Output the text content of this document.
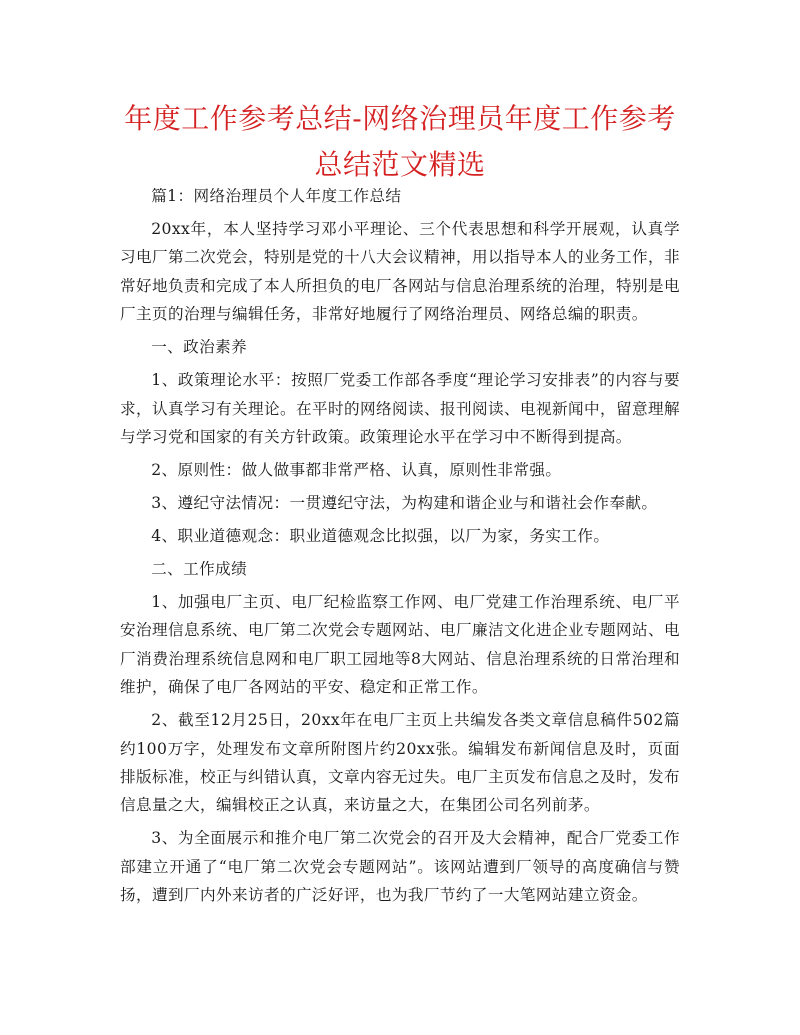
年度工作参考总结-网络治理员年度工作参考总结范文精选

篇1：网络治理员个人年度工作总结

20xx年，本人坚持学习邓小平理论、三个代表思想和科学开展观，认真学习电厂第二次党会，特别是党的十八大会议精神，用以指导本人的业务工作，非常好地负责和完成了本人所担负的电厂各网站与信息治理系统的治理，特别是电厂主页的治理与编辑任务，非常好地履行了网络治理员、网络总编的职责。

一、政治素养

1、政策理论水平：按照厂党委工作部各季度“理论学习安排表”的内容与要求，认真学习有关理论。在平时的网络阅读、报刊阅读、电视新闻中，留意理解与学习党和国家的有关方针政策。政策理论水平在学习中不断得到提高。

2、原则性：做人做事都非常严格、认真，原则性非常强。

3、遵纪守法情况：一贯遵纪守法，为构建和谐企业与和谐社会作奉献。

4、职业道德观念：职业道德观念比拟强，以厂为家，务实工作。

二、工作成绩

1、加强电厂主页、电厂纪检监察工作网、电厂党建工作治理系统、电厂平安治理信息系统、电厂第二次党会专题网站、电厂廉洁文化进企业专题网站、电厂消费治理系统信息网和电厂职工园地等8大网站、信息治理系统的日常治理和维护，确保了电厂各网站的平安、稳定和正常工作。

2、截至12月25日，20xx年在电厂主页上共编发各类文章信息稿件502篇约100万字，处理发布文章所附图片约20xx张。编辑发布新闻信息及时，页面排版标准，校正与纠错认真，文章内容无过失。电厂主页发布信息之及时，发布信息量之大，编辑校正之认真，来访量之大，在集团公司名列前茅。

3、为全面展示和推介电厂第二次党会的召开及大会精神，配合厂党委工作部建立开通了“电厂第二次党会专题网站”。该网站遭到厂领导的高度确信与赞扬，遭到厂内外来访者的广泛好评，也为我厂节约了一大笔网站建立资金。
